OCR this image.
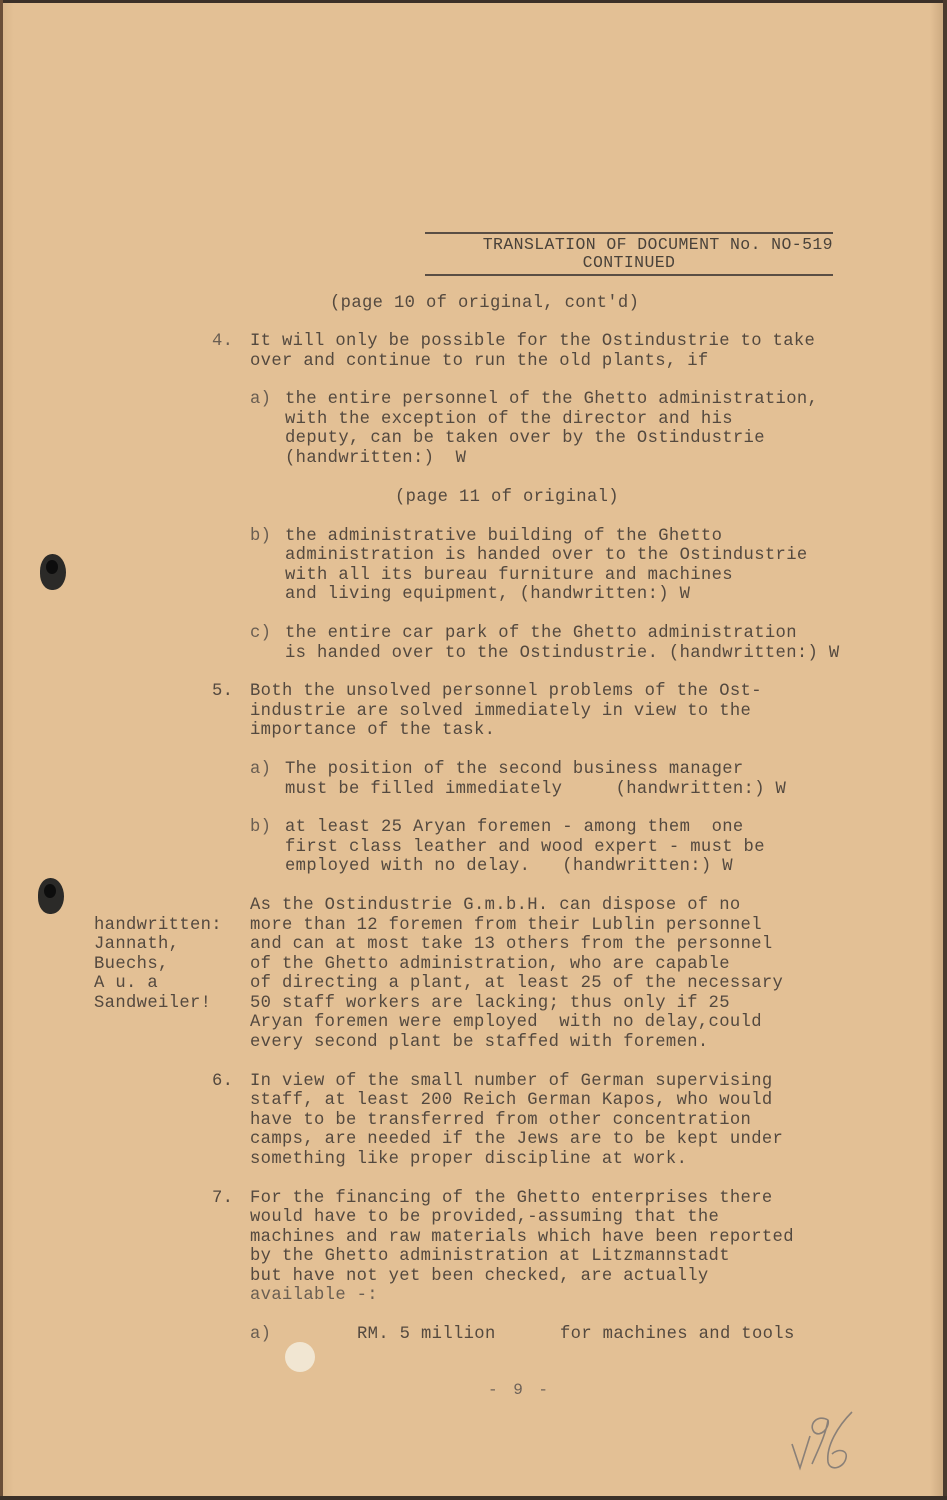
TRANSLATION OF DOCUMENT No. NO-519
CONTINUED
(page 10 of original, cont'd)
4. It will only be possible for the Ostindustrie to take
over and continue to run the old plants, if
a) the entire personnel of the Ghetto administration,
with the exception of the director and his
deputy, can be taken over by the Ostindustrie
(handwritten:)  W
(page 11 of original)
b) the administrative building of the Ghetto
administration is handed over to the Ostindustrie
with all its bureau furniture and machines
and living equipment, (handwritten:) W
c) the entire car park of the Ghetto administration
is handed over to the Ostindustrie. (handwritten:) W
5. Both the unsolved personnel problems of the Ost-
industrie are solved immediately in view to the
importance of the task.
a) The position of the second business manager
must be filled immediately     (handwritten:) W
b) at least 25 Aryan foremen - among them  one
first class leather and wood expert - must be
employed with no delay.   (handwritten:) W
As the Ostindustrie G.m.b.H. can dispose of no
more than 12 foremen from their Lublin personnel
and can at most take 13 others from the personnel
of the Ghetto administration, who are capable
of directing a plant, at least 25 of the necessary
50 staff workers are lacking; thus only if 25
Aryan foremen were employed  with no delay,could
every second plant be staffed with foremen.
handwritten:
Jannath,
Buechs,
A u. a
Sandweiler!
6. In view of the small number of German supervising
staff, at least 200 Reich German Kapos, who would
have to be transferred from other concentration
camps, are needed if the Jews are to be kept under
something like proper discipline at work.
7. For the financing of the Ghetto enterprises there
would have to be provided,-assuming that the
machines and raw materials which have been reported
by the Ghetto administration at Litzmannstadt
but have not yet been checked, are actually
available -:
a)	RM. 5 million	for machines and tools
- 9 -
